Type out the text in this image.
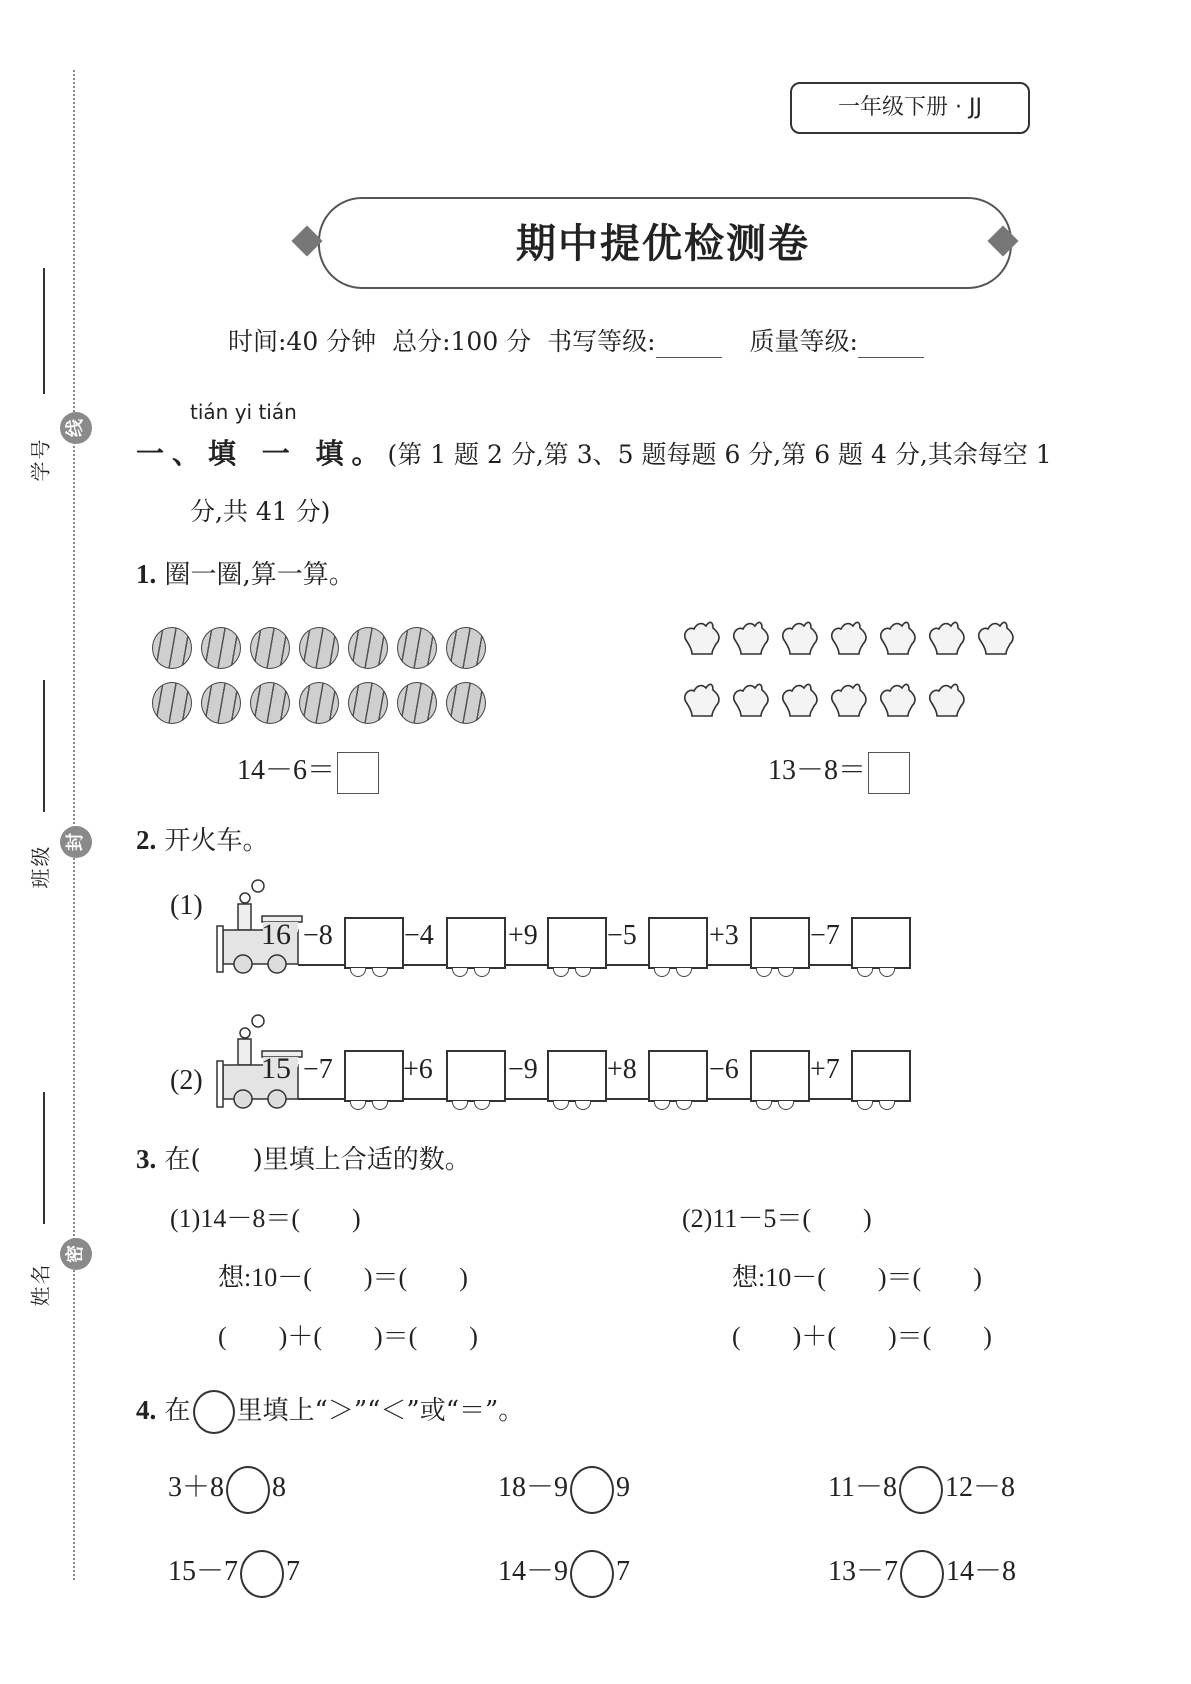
线
学号
封
班级
密
姓名
一年级下册 · JJ
期中提优检测卷
时间:40 分钟 总分:100 分 书写等级:	质量等级:
tián yi tián
一、填 一 填。(第 1 题 2 分,第 3、5 题每题 6 分,第 6 题 4 分,其余每空 1
分,共 41 分)
1. 圈一圈,算一算。
14－6＝	13－8＝
2. 开火车。
(1)
16 −8	−4	+9 −5	+3	−7
(2) 15 −7	+6	−9 +8	−6	+7
3. 在(　　)里填上合适的数。
(1)14－8＝(　　)
想:10－(　　)＝(　　)
(　　)＋(　　)＝(　　)
(2)11－5＝(　　)
想:10－(　　)＝(　　)
(　　)＋(　　)＝(　　)
4. 在 里填上“＞”“＜”或“＝”。
3＋8 8	18－9 9	11－8 12－8
15－7 7	14－9 7	13－7 14－8
